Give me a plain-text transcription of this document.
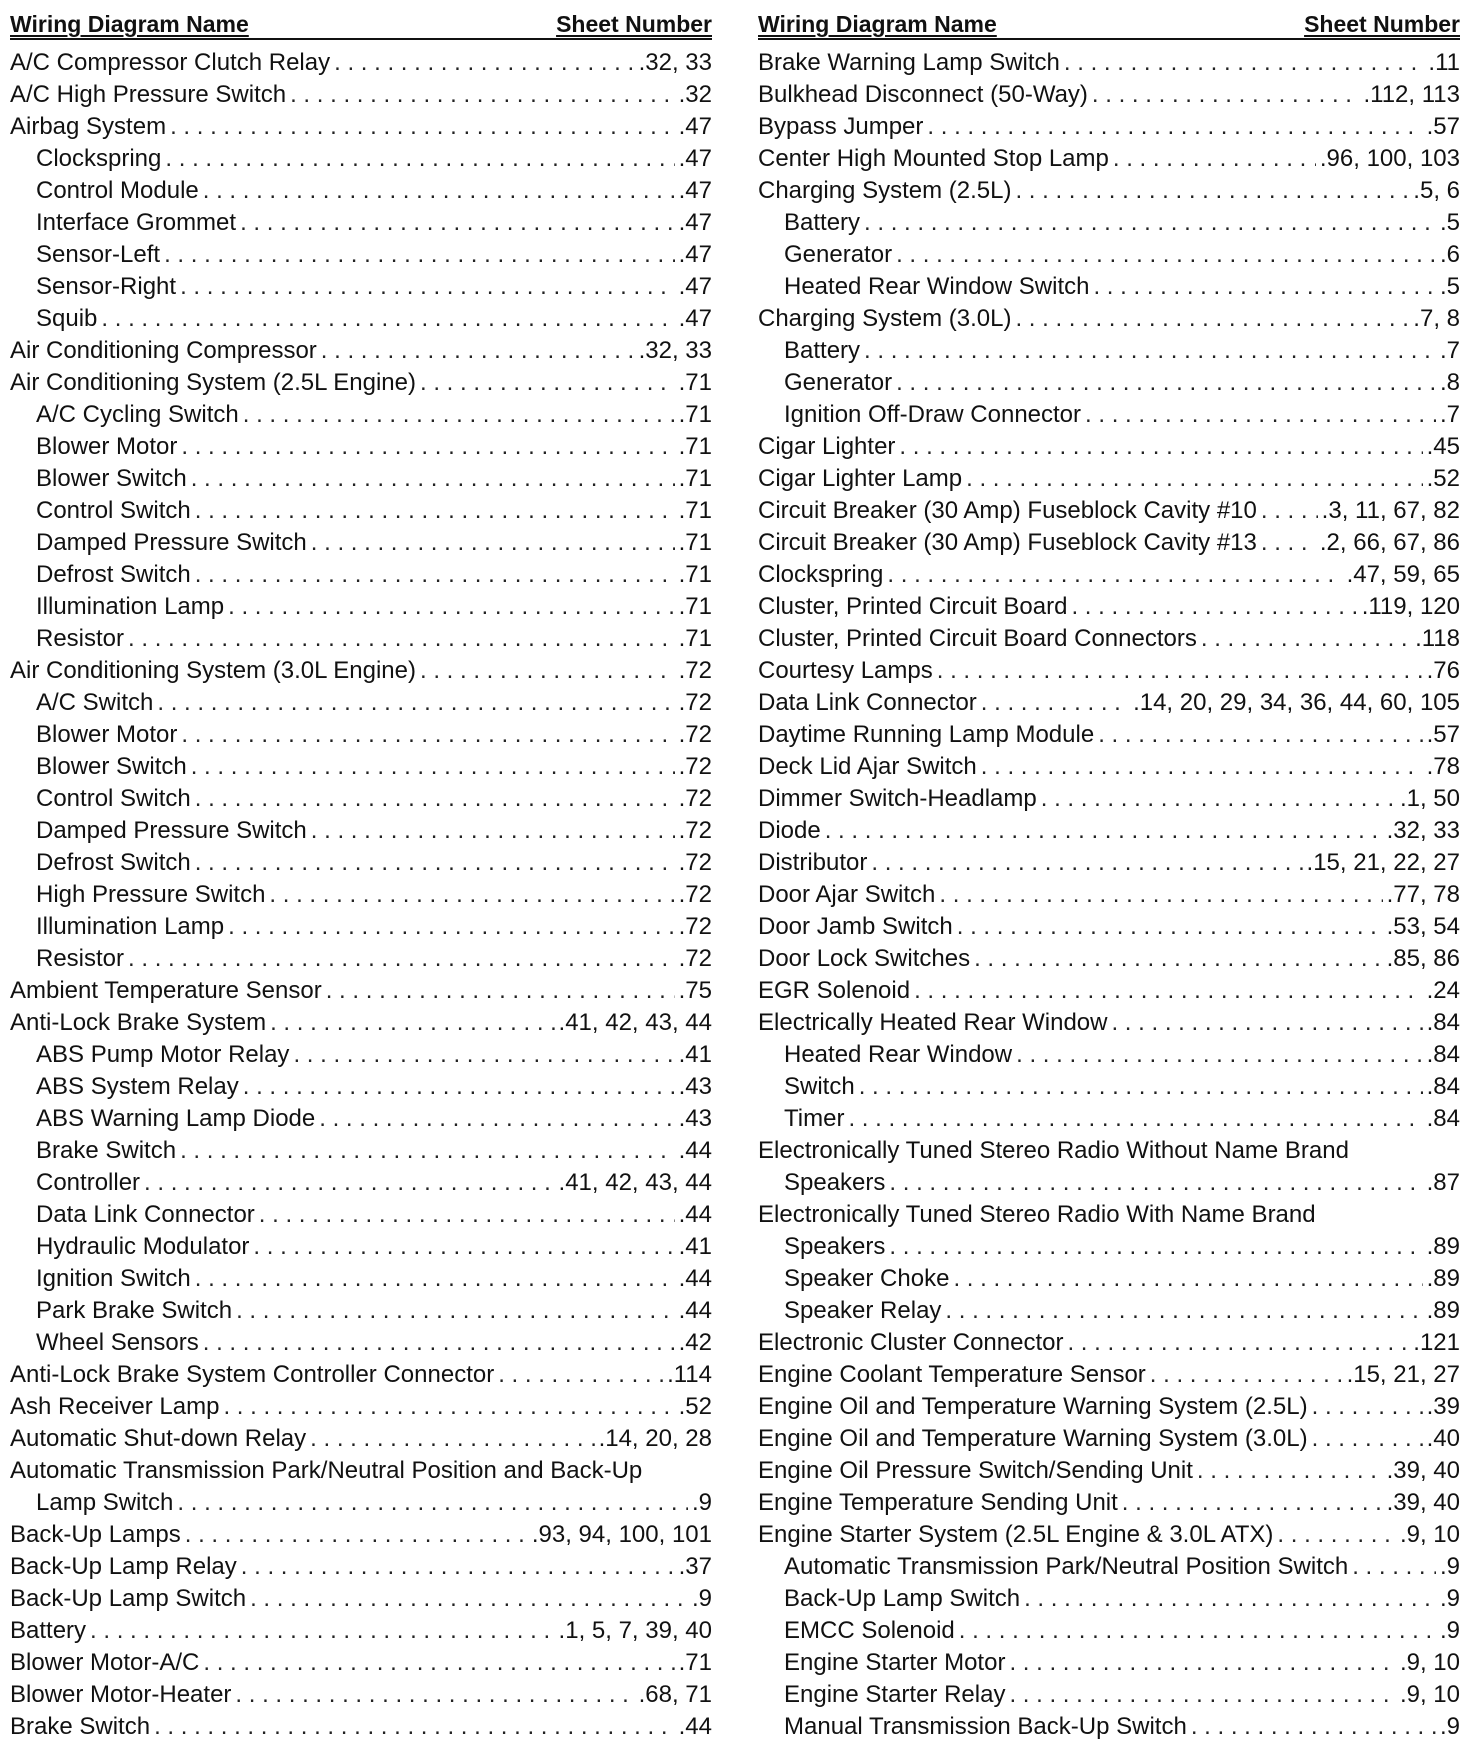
Wiring Diagram Name	Sheet Number
A/C Compressor Clutch Relay . . .	.32, 33
A/C High Pressure Switch . . .	.32
Airbag System . . .	.47
Clockspring . . .	.47
Control Module . . .	.47
Interface Grommet . . .	.47
Sensor-Left . . .	.47
Sensor-Right . . .	.47
Squib . . .	.47
Air Conditioning Compressor . . .	.32, 33
Air Conditioning System (2.5L Engine) . . .	.71
A/C Cycling Switch . . .	.71
Blower Motor . . .	.71
Blower Switch . . .	.71
Control Switch . . .	.71
Damped Pressure Switch . . .	.71
Defrost Switch . . .	.71
Illumination Lamp . . .	.71
Resistor . . .	.71
Air Conditioning System (3.0L Engine) . . .	.72
A/C Switch . . .	.72
Blower Motor . . .	.72
Blower Switch . . .	.72
Control Switch . . .	.72
Damped Pressure Switch . . .	.72
Defrost Switch . . .	.72
High Pressure Switch . . .	.72
Illumination Lamp . . .	.72
Resistor . . .	.72
Ambient Temperature Sensor . . .	.75
Anti-Lock Brake System . . .	.41, 42, 43, 44
ABS Pump Motor Relay . . .	.41
ABS System Relay . . .	.43
ABS Warning Lamp Diode . . .	.43
Brake Switch . . .	.44
Controller . . .	.41, 42, 43, 44
Data Link Connector . . .	.44
Hydraulic Modulator . . .	.41
Ignition Switch . . .	.44
Park Brake Switch . . .	.44
Wheel Sensors . . .	.42
Anti-Lock Brake System Controller Connector . . .	.114
Ash Receiver Lamp . . .	.52
Automatic Shut-down Relay . . .	.14, 20, 28
Automatic Transmission Park/Neutral Position and Back-Up
Lamp Switch . . .	.9
Back-Up Lamps . . .	.93, 94, 100, 101
Back-Up Lamp Relay . . .	.37
Back-Up Lamp Switch . . .	.9
Battery . . .	.1, 5, 7, 39, 40
Blower Motor-A/C . . .	.71
Blower Motor-Heater . . .	.68, 71
Brake Switch . . .	.44
Wiring Diagram Name	Sheet Number
Brake Warning Lamp Switch . . .	.11
Bulkhead Disconnect (50-Way) . . .	.112, 113
Bypass Jumper . . .	.57
Center High Mounted Stop Lamp . . .	.96, 100, 103
Charging System (2.5L) . . .	.5, 6
Battery . . .	.5
Generator . . .	.6
Heated Rear Window Switch . . .	.5
Charging System (3.0L) . . .	.7, 8
Battery . . .	.7
Generator . . .	.8
Ignition Off-Draw Connector . . .	.7
Cigar Lighter . . .	.45
Cigar Lighter Lamp . . .	.52
Circuit Breaker (30 Amp) Fuseblock Cavity #10 . . .	.3, 11, 67, 82
Circuit Breaker (30 Amp) Fuseblock Cavity #13 . . .	.2, 66, 67, 86
Clockspring . . .	.47, 59, 65
Cluster, Printed Circuit Board . . .	.119, 120
Cluster, Printed Circuit Board Connectors . . .	.118
Courtesy Lamps . . .	.76
Data Link Connector . . .	.14, 20, 29, 34, 36, 44, 60, 105
Daytime Running Lamp Module . . .	.57
Deck Lid Ajar Switch . . .	.78
Dimmer Switch-Headlamp . . .	.1, 50
Diode . . .	.32, 33
Distributor . . .	.15, 21, 22, 27
Door Ajar Switch . . .	.77, 78
Door Jamb Switch . . .	.53, 54
Door Lock Switches . . .	.85, 86
EGR Solenoid . . .	.24
Electrically Heated Rear Window . . .	.84
Heated Rear Window . . .	.84
Switch . . .	.84
Timer . . .	.84
Electronically Tuned Stereo Radio Without Name Brand
Speakers . . .	.87
Electronically Tuned Stereo Radio With Name Brand
Speakers . . .	.89
Speaker Choke . . .	.89
Speaker Relay . . .	.89
Electronic Cluster Connector . . .	.121
Engine Coolant Temperature Sensor . . .	.15, 21, 27
Engine Oil and Temperature Warning System (2.5L) . . .	.39
Engine Oil and Temperature Warning System (3.0L) . . .	.40
Engine Oil Pressure Switch/Sending Unit . . .	.39, 40
Engine Temperature Sending Unit . . .	.39, 40
Engine Starter System (2.5L Engine & 3.0L ATX) . . .	.9, 10
Automatic Transmission Park/Neutral Position Switch . . .	.9
Back-Up Lamp Switch . . .	.9
EMCC Solenoid . . .	.9
Engine Starter Motor . . .	.9, 10
Engine Starter Relay . . .	.9, 10
Manual Transmission Back-Up Switch . . .	.9
